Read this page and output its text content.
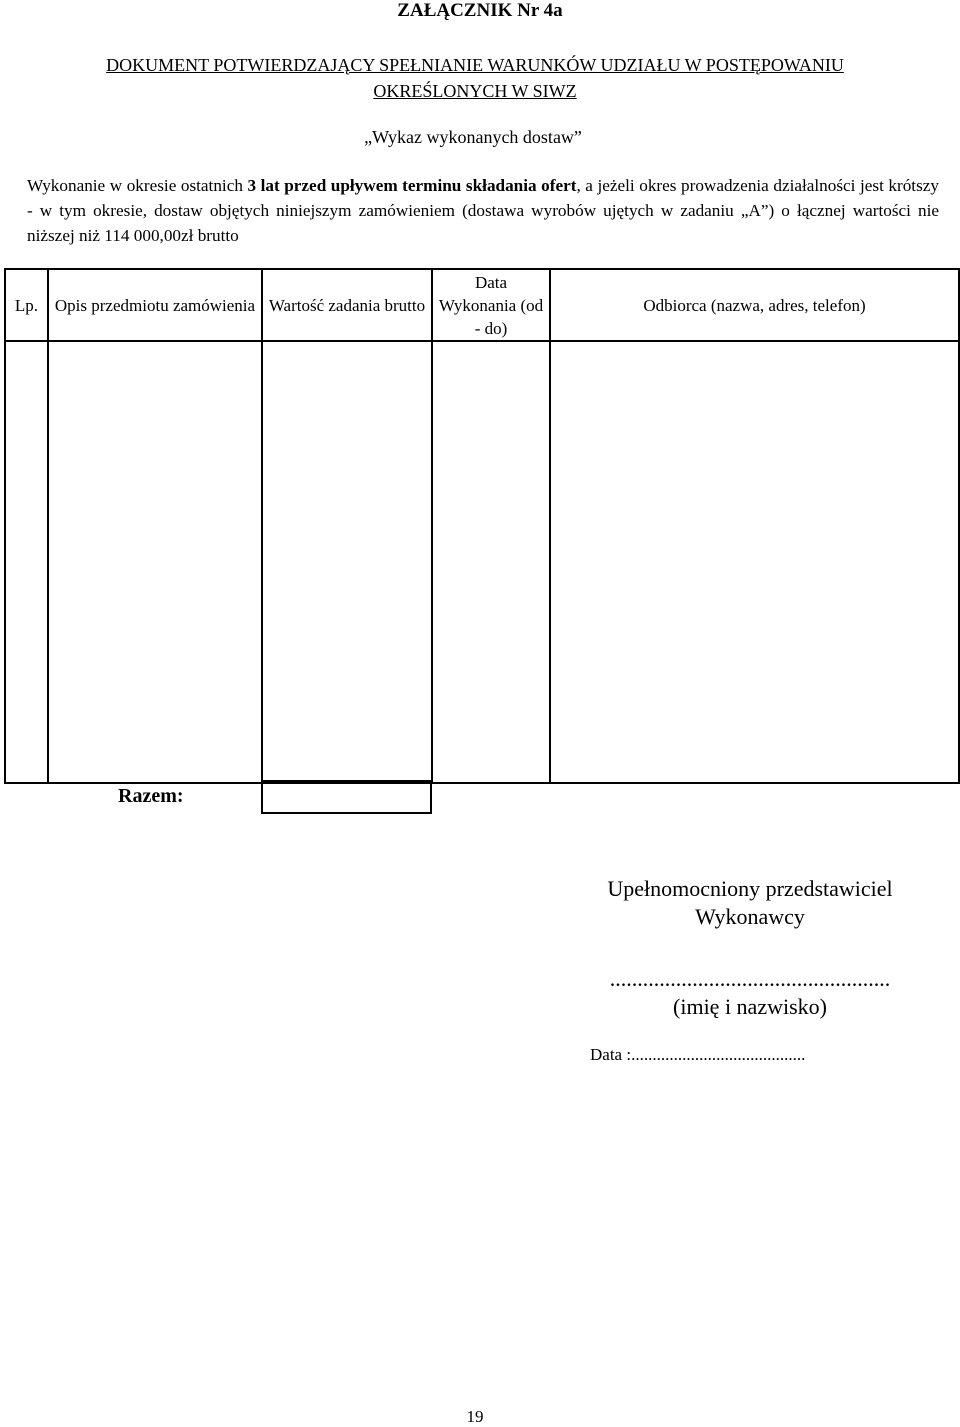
ZAŁĄCZNIK Nr 4a
DOKUMENT POTWIERDZAJĄCY SPEŁNIANIE WARUNKÓW UDZIAŁU W POSTĘPOWANIU
OKREŚLONYCH W SIWZ
„Wykaz wykonanych dostaw”
Wykonanie w okresie ostatnich 3 lat przed upływem terminu składania ofert, a jeżeli okres prowadzenia działalności jest krótszy - w tym okresie, dostaw objętych niniejszym zamówieniem (dostawa wyrobów ujętych w zadaniu „A”) o łącznej wartości nie niższej niż 114 000,00zł brutto
Lp.	Opis przedmiotu zamówienia	Wartość zadania brutto	Data Wykonania (od - do)	Odbiorca (nazwa, adres, telefon)

Razem:
Upełnomocniony przedstawiciel
Wykonawcy
...................................................
(imię i nazwisko)
Data :.........................................
19
